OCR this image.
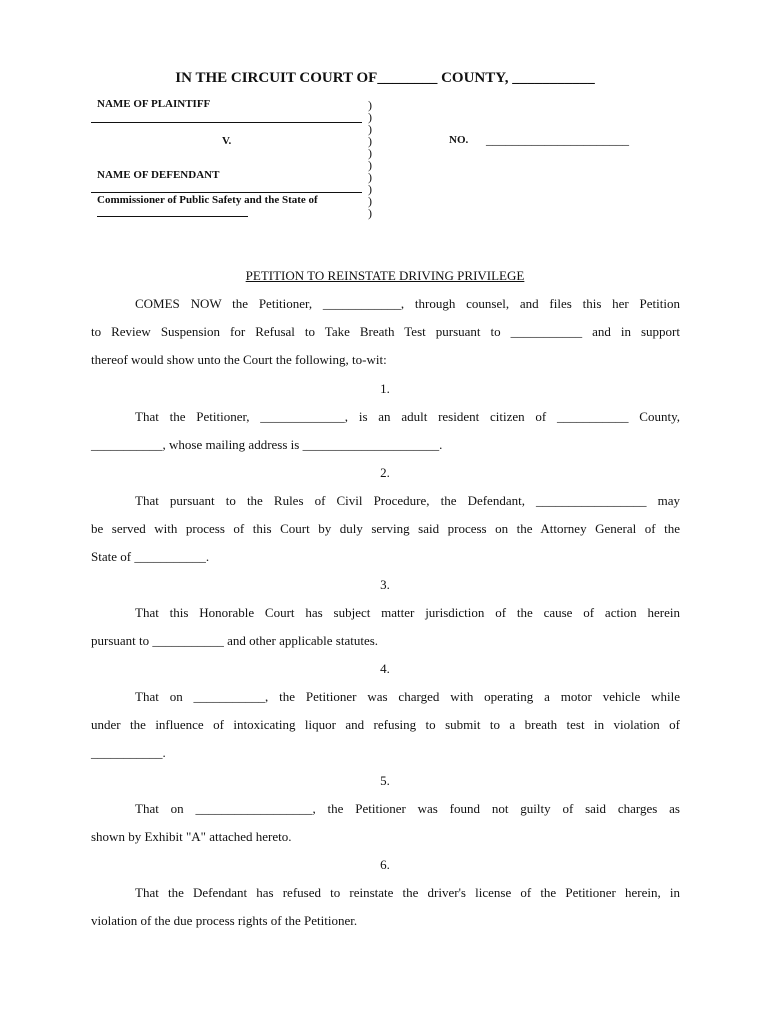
IN THE CIRCUIT COURT OF________ COUNTY, ___________
NAME OF PLAINTIFF
V.
NAME OF DEFENDANT
Commissioner of Public Safety and the State of
)
)
)
)
)
)
)
)
)
)
NO. ______________________
PETITION TO REINSTATE DRIVING PRIVILEGE
COMES NOW the Petitioner, ____________, through counsel, and files this her Petition
to Review Suspension for Refusal to Take Breath Test pursuant to ___________ and in support
thereof would show unto the Court the following, to-wit:
1.
That the Petitioner, _____________, is an adult resident citizen of ___________ County,
___________, whose mailing address is _____________________.
2.
That pursuant to the Rules of Civil Procedure, the Defendant, _________________ may
be served with process of this Court by duly serving said process on the Attorney General of the
State of ___________.
3.
That this Honorable Court has subject matter jurisdiction of the cause of action herein
pursuant to ___________ and other applicable statutes.
4.
That on ___________, the Petitioner was charged with operating a motor vehicle while
under the influence of intoxicating liquor and refusing to submit to a breath test in violation of
___________.
5.
That on __________________, the Petitioner was found not guilty of said charges as
shown by Exhibit "A" attached hereto.
6.
That the Defendant has refused to reinstate the driver's license of the Petitioner herein, in
violation of the due process rights of the Petitioner.
